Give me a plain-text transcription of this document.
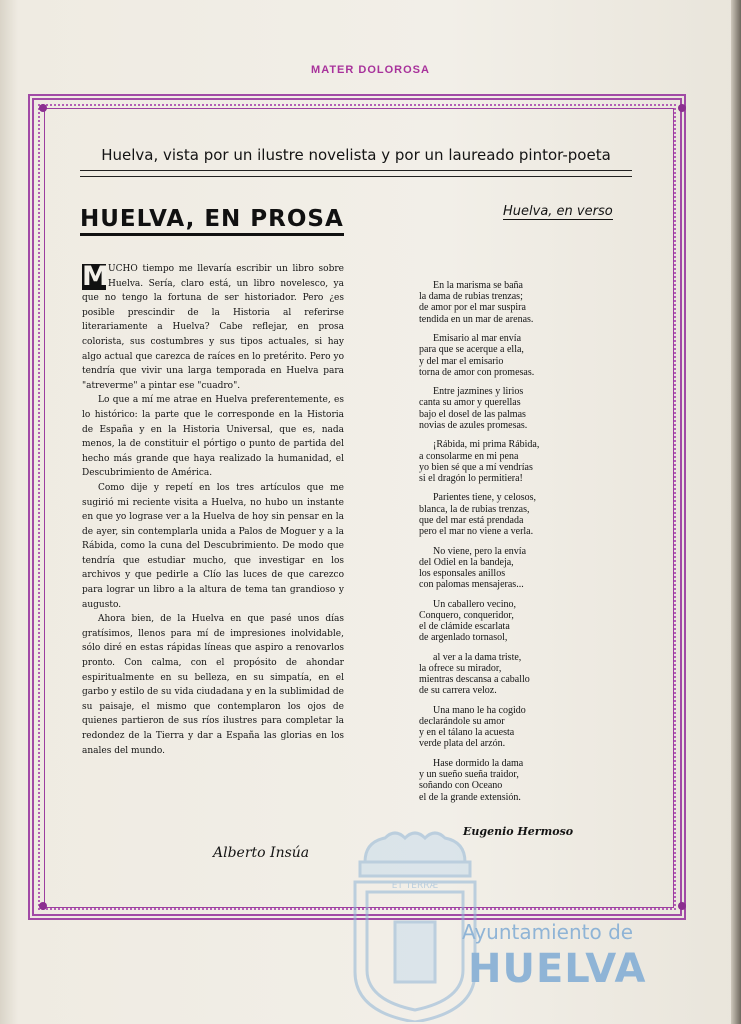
MATER DOLOROSA
Huelva, vista por un ilustre novelista y por un laureado pintor-poeta
HUELVA, EN PROSA	Huelva, en verso

M UCHO tiempo me llevaría escribir un libro sobre Huelva. Sería, claro está, un libro novelesco, ya que no tengo la fortuna de ser historiador. Pero ¿es posible prescindir de la Historia al referirse literariamente a Huelva? Cabe reflejar, en prosa colorista, sus costumbres y sus tipos actuales, si hay algo actual que carezca de raíces en lo pretérito. Pero yo tendría que vivir una larga temporada en Huelva para "atreverme" a pintar ese "cuadro".

Lo que a mí me atrae en Huelva preferentemente, es lo histórico: la parte que le corresponde en la Historia de España y en la Historia Universal, que es, nada menos, la de constituir el pórtigo o punto de partida del hecho más grande que haya realizado la humanidad, el Descubrimiento de América.

Como dije y repetí en los tres artículos que me sugirió mi reciente visita a Huelva, no hubo un instante en que yo lograse ver a la Huelva de hoy sin pensar en la de ayer, sin contemplarla unida a Palos de Moguer y a la Rábida, como la cuna del Descubrimiento. De modo que tendría que estudiar mucho, que investigar en los archivos y que pedirle a Clío las luces de que carezco para lograr un libro a la altura de tema tan grandioso y augusto.

Ahora bien, de la Huelva en que pasé unos días gratísimos, llenos para mí de impresiones inolvidable, sólo diré en estas rápidas líneas que aspiro a renovarlos pronto. Con calma, con el propósito de ahondar espiritualmente en su belleza, en su simpatía, en el garbo y estilo de su vida ciudadana y en la sublimidad de su paisaje, el mismo que contemplaron los ojos de quienes partieron de sus ríos ilustres para completar la redondez de la Tierra y dar a España las glorias en los anales del mundo.

Alberto Insúa
En la marisma se baña
la dama de rubias trenzas;
de amor por el mar suspira
tendida en un mar de arenas.
Emisario al mar envía
para que se acerque a ella,
y del mar el emisario
torna de amor con promesas.
Entre jazmines y lirios
canta su amor y querellas
bajo el dosel de las palmas
novias de azules promesas.
¡Rábida, mi prima Rábida,
a consolarme en mi pena
yo bien sé que a mí vendrías
si el dragón lo permitiera!
Parientes tiene, y celosos,
blanca, la de rubias trenzas,
que del mar está prendada
pero el mar no viene a verla.
No viene, pero la envía
del Odiel en la bandeja,
los esponsales anillos
con palomas mensajeras...
Un caballero vecino,
Conquero, conqueridor,
el de clámide escarlata
de argenlado tornasol,
al ver a la dama triste,
la ofrece su mirador,
mientras descansa a caballo
de su carrera veloz.
Una mano le ha cogido
declarándole su amor
y en el tálano la acuesta
verde plata del arzón.
Hase dormido la dama
y un sueño sueña traidor,
soñando con Oceano
el de la grande extensión.
Eugenio Hermoso
ET TERRÆ
Ayuntamiento de
HUELVA
